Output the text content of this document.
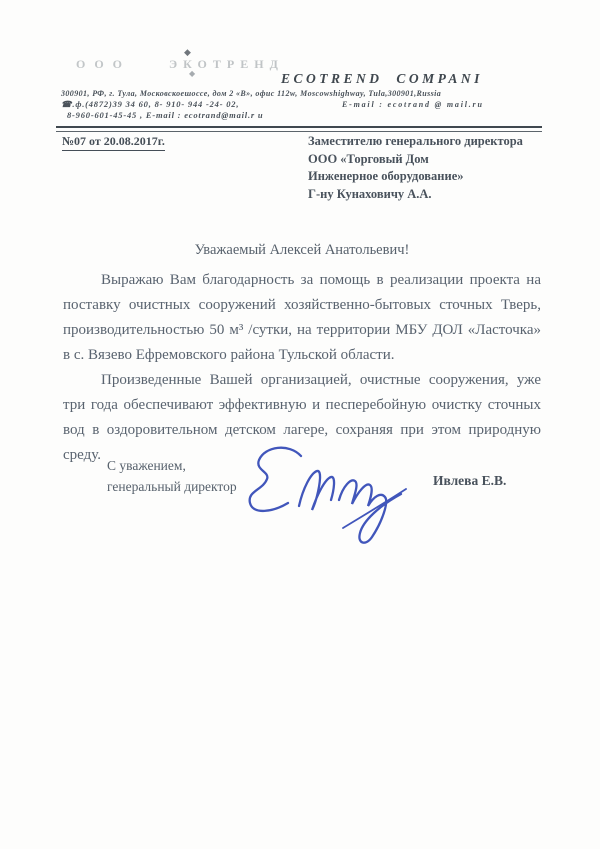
ООО	ЭКОТРЕНД
◆
◆	ECOTREND COMPANI
300901, РФ, г. Тула, Московскоешоссе, дом 2 «В», офис 112w, Moscowshighway, Tula,300901,Russia
☎.ф.(4872)39 34 60, 8- 910- 944 -24- 02,	E-mail : ecotrand @ mail.ru
8-960-601-45-45 , E-mail : ecotrand@mail.r u
№07 от 20.08.2017г.	Заместителю генерального директора
ООО «Торговый Дом
Инженерное оборудование»
Г-ну Кунаховичу А.А.
Уважаемый Алексей Анатольевич!

Выражаю Вам благодарность за помощь в реализации проекта на поставку очистных сооружений хозяйственно-бытовых сточных Тверь, производительностью 50 м³ /сутки, на территории МБУ ДОЛ «Ласточка» в с. Вязево Ефремовского района Тульской области.

Произведенные Вашей организацией, очистные сооружения, уже три года обеспечивают эффективную и песперебойную очистку сточных вод в оздоровительном детском лагере, сохраняя при этом природную среду.

С уважением,
генеральный директор	Ивлева Е.В.
